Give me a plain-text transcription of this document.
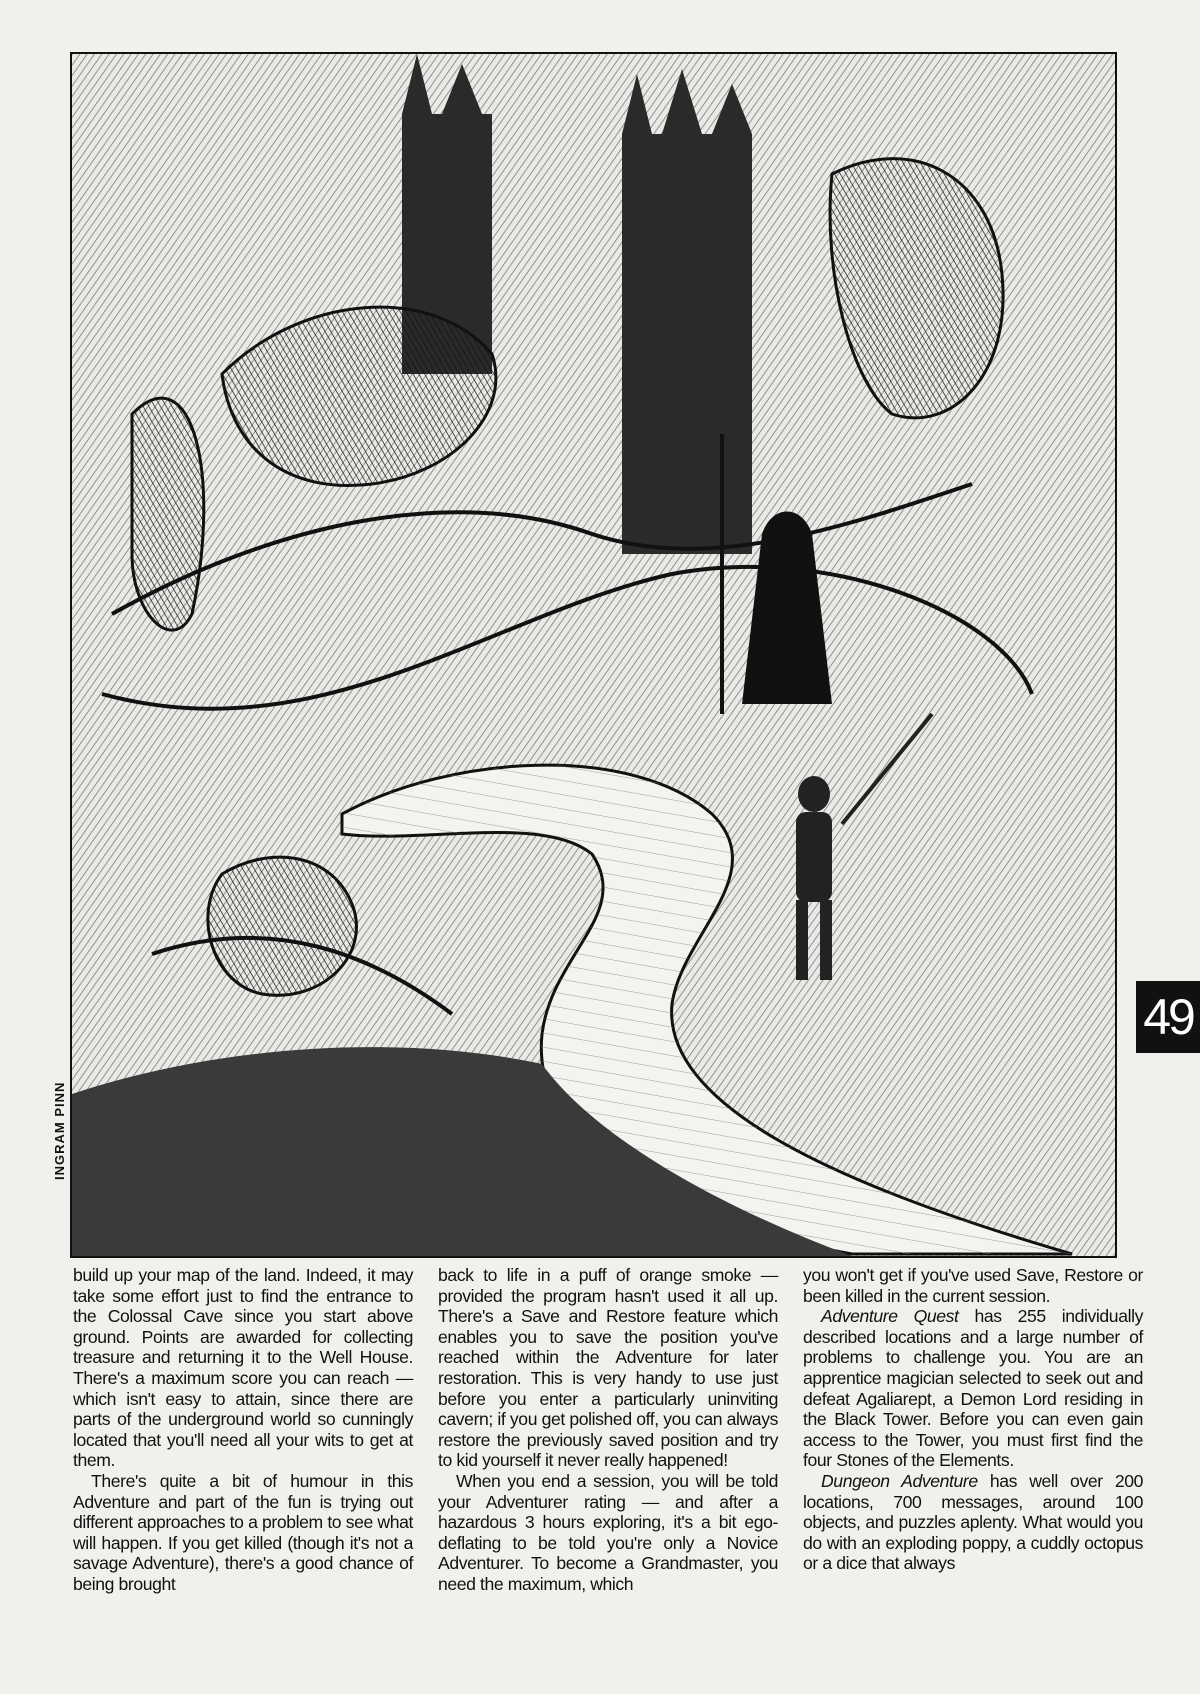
INGRAM PINN
49

build up your map of the land. Indeed, it may take some effort just to find the entrance to the Colossal Cave since you start above ground. Points are awarded for collecting treasure and returning it to the Well House. There's a maximum score you can reach — which isn't easy to attain, since there are parts of the underground world so cunningly located that you'll need all your wits to get at them.

There's quite a bit of humour in this Adventure and part of the fun is trying out different approaches to a problem to see what will happen. If you get killed (though it's not a savage Adventure), there's a good chance of being brought

back to life in a puff of orange smoke — provided the program hasn't used it all up. There's a Save and Restore feature which enables you to save the position you've reached within the Adventure for later restoration. This is very handy to use just before you enter a particularly uninviting cavern; if you get polished off, you can always restore the previously saved position and try to kid yourself it never really happened!

When you end a session, you will be told your Adventurer rating — and after a hazardous 3 hours exploring, it's a bit ego-deflating to be told you're only a Novice Adventurer. To become a Grandmaster, you need the maximum, which

you won't get if you've used Save, Restore or been killed in the current session.

Adventure Quest has 255 individually described locations and a large number of problems to challenge you. You are an apprentice magician selected to seek out and defeat Agaliarept, a Demon Lord residing in the Black Tower. Before you can even gain access to the Tower, you must first find the four Stones of the Elements.

Dungeon Adventure has well over 200 locations, 700 messages, around 100 objects, and puzzles aplenty. What would you do with an exploding poppy, a cuddly octopus or a dice that always
